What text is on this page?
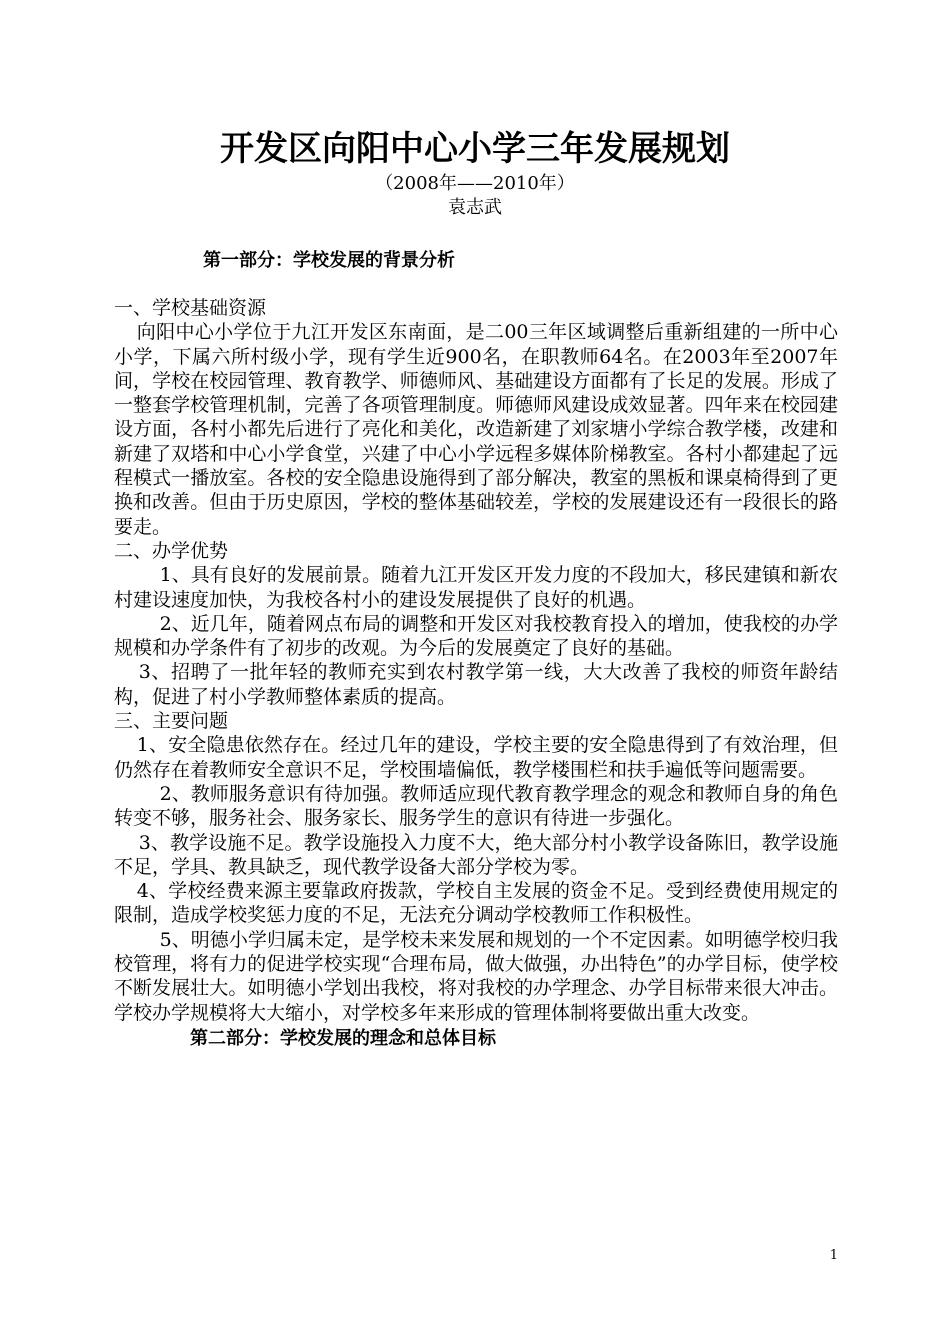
开发区向阳中心小学三年发展规划
（2008年——2010年）
袁志武
第一部分：学校发展的背景分析

一、学校基础资源

向阳中心小学位于九江开发区东南面，是二00三年区域调整后重新组建的一所中心小学，下属六所村级小学，现有学生近900名，在职教师64名。在2003年至2007年间，学校在校园管理、教育教学、师德师风、基础建设方面都有了长足的发展。形成了一整套学校管理机制，完善了各项管理制度。师德师风建设成效显著。四年来在校园建设方面，各村小都先后进行了亮化和美化，改造新建了刘家塘小学综合教学楼，改建和新建了双塔和中心小学食堂，兴建了中心小学远程多媒体阶梯教室。各村小都建起了远程模式一播放室。各校的安全隐患设施得到了部分解决，教室的黑板和课桌椅得到了更换和改善。但由于历史原因，学校的整体基础较差，学校的发展建设还有一段很长的路要走。

二、办学优势

1、具有良好的发展前景。随着九江开发区开发力度的不段加大，移民建镇和新农村建设速度加快，为我校各村小的建设发展提供了良好的机遇。

2、近几年，随着网点布局的调整和开发区对我校教育投入的增加，使我校的办学规模和办学条件有了初步的改观。为今后的发展奠定了良好的基础。

3、招聘了一批年轻的教师充实到农村教学第一线，大大改善了我校的师资年龄结构，促进了村小学教师整体素质的提高。

三、主要问题

1、安全隐患依然存在。经过几年的建设，学校主要的安全隐患得到了有效治理，但仍然存在着教师安全意识不足，学校围墙偏低，教学楼围栏和扶手遍低等问题需要。

2、教师服务意识有待加强。教师适应现代教育教学理念的观念和教师自身的角色转变不够，服务社会、服务家长、服务学生的意识有待进一步强化。

3、教学设施不足。教学设施投入力度不大，绝大部分村小教学设备陈旧，教学设施不足，学具、教具缺乏，现代教学设备大部分学校为零。

4、学校经费来源主要靠政府拨款，学校自主发展的资金不足。受到经费使用规定的限制，造成学校奖惩力度的不足，无法充分调动学校教师工作积极性。

5、明德小学归属未定，是学校未来发展和规划的一个不定因素。如明德学校归我校管理，将有力的促进学校实现“合理布局，做大做强，办出特色”的办学目标，使学校不断发展壮大。如明德小学划出我校，将对我校的办学理念、办学目标带来很大冲击。学校办学规模将大大缩小，对学校多年来形成的管理体制将要做出重大改变。

第二部分：学校发展的理念和总体目标

1
